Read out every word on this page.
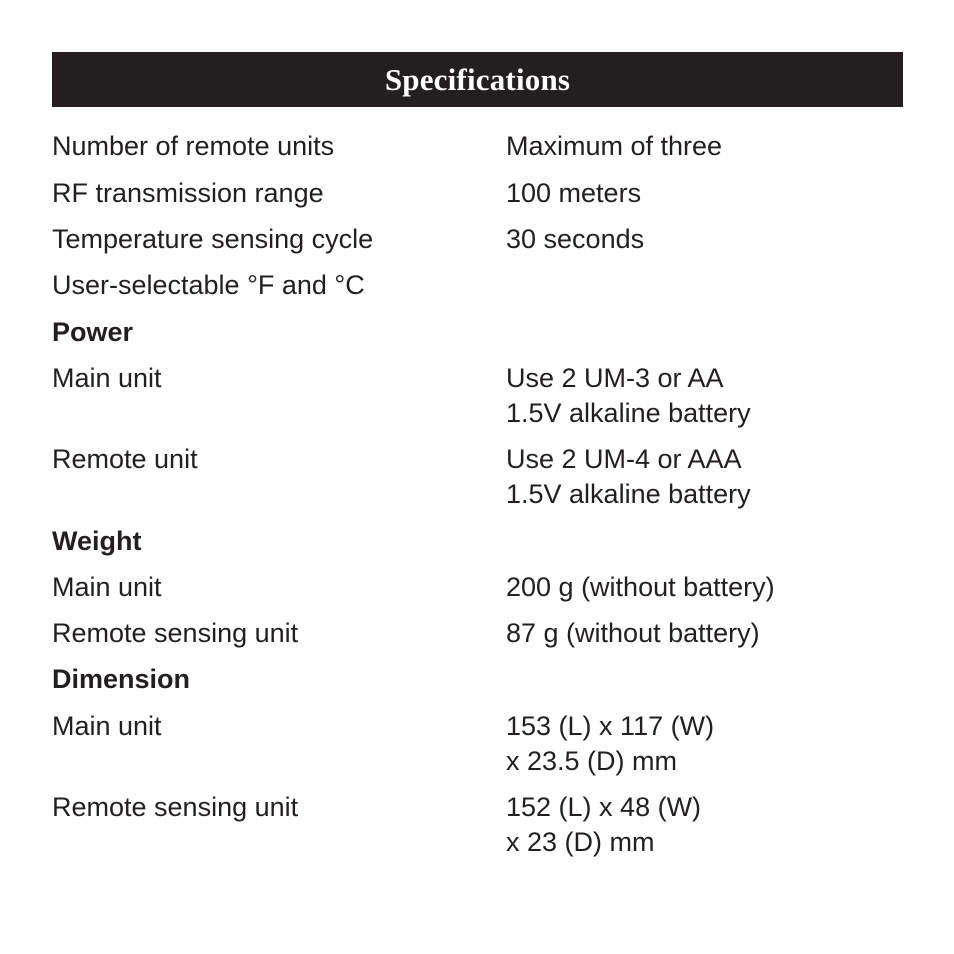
Specifications
Number of remote units	Maximum of three
RF transmission range	100 meters
Temperature sensing cycle	30 seconds
User-selectable °F and °C
Power
Main unit	Use 2 UM-3 or AA
1.5V alkaline battery
Remote unit	Use 2 UM-4 or AAA
1.5V alkaline battery
Weight
Main unit	200 g (without battery)
Remote sensing unit	87 g (without battery)
Dimension
Main unit	153 (L) x 117 (W)
x 23.5 (D) mm
Remote sensing unit	152 (L) x 48 (W)
x 23 (D) mm
